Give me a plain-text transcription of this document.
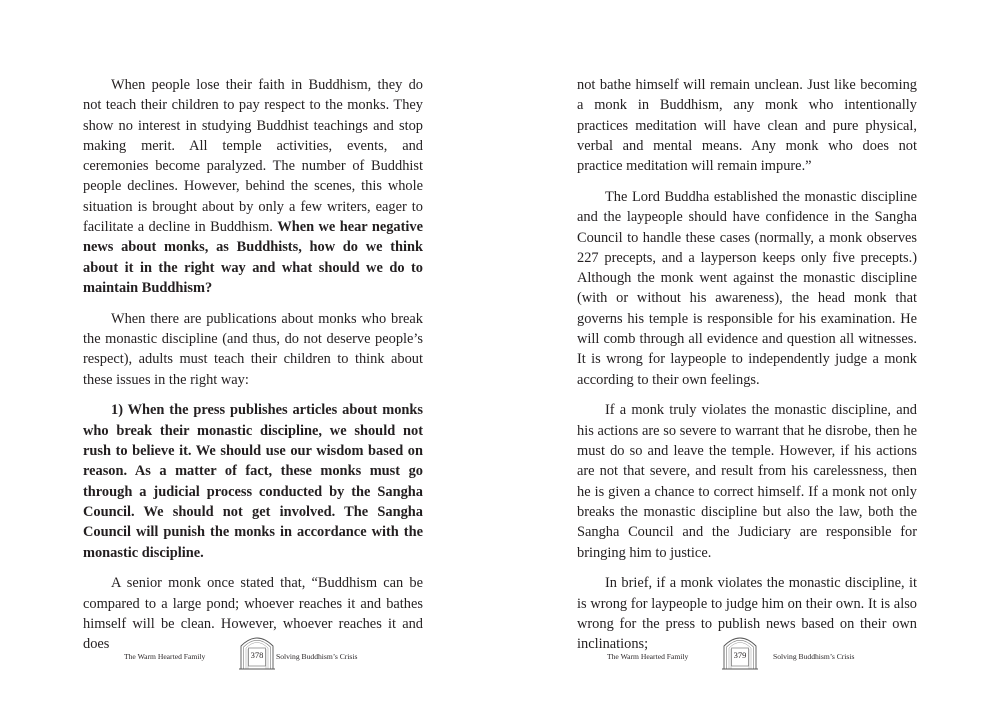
When people lose their faith in Buddhism, they do not teach their children to pay respect to the monks. They show no interest in studying Buddhist teachings and stop making merit. All temple activities, events, and ceremonies become paralyzed. The number of Buddhist people declines. However, behind the scenes, this whole situation is brought about by only a few writers, eager to facilitate a decline in Buddhism. When we hear negative news about monks, as Buddhists, how do we think about it in the right way and what should we do to maintain Buddhism?

When there are publications about monks who break the monastic discipline (and thus, do not deserve people’s respect), adults must teach their children to think about these issues in the right way:

1) When the press publishes articles about monks who break their monastic discipline, we should not rush to believe it. We should use our wisdom based on reason. As a matter of fact, these monks must go through a judicial process conducted by the Sangha Council. We should not get involved. The Sangha Council will punish the monks in accordance with the monastic discipline.

A senior monk once stated that, “Buddhism can be compared to a large pond; whoever reaches it and bathes himself will be clean. However, whoever reaches it and does

The Warm Hearted Family	378	Solving Buddhism’s Crisis

not bathe himself will remain unclean. Just like becoming a monk in Buddhism, any monk who intentionally practices meditation will have clean and pure physical, verbal and mental means. Any monk who does not practice meditation will remain impure.”

The Lord Buddha established the monastic discipline and the laypeople should have confidence in the Sangha Council to handle these cases (normally, a monk observes 227 precepts, and a layperson keeps only five precepts.) Although the monk went against the monastic discipline (with or without his awareness), the head monk that governs his temple is responsible for his examination. He will comb through all evidence and question all witnesses. It is wrong for laypeople to independently judge a monk according to their own feelings.

If a monk truly violates the monastic discipline, and his actions are so severe to warrant that he disrobe, then he must do so and leave the temple. However, if his actions are not that severe, and result from his carelessness, then he is given a chance to correct himself. If a monk not only breaks the monastic discipline but also the law, both the Sangha Council and the Judiciary are responsible for bringing him to justice.

In brief, if a monk violates the monastic discipline, it is wrong for laypeople to judge him on their own. It is also wrong for the press to publish news based on their own inclinations;

The Warm Hearted Family	379	Solving Buddhism’s Crisis
